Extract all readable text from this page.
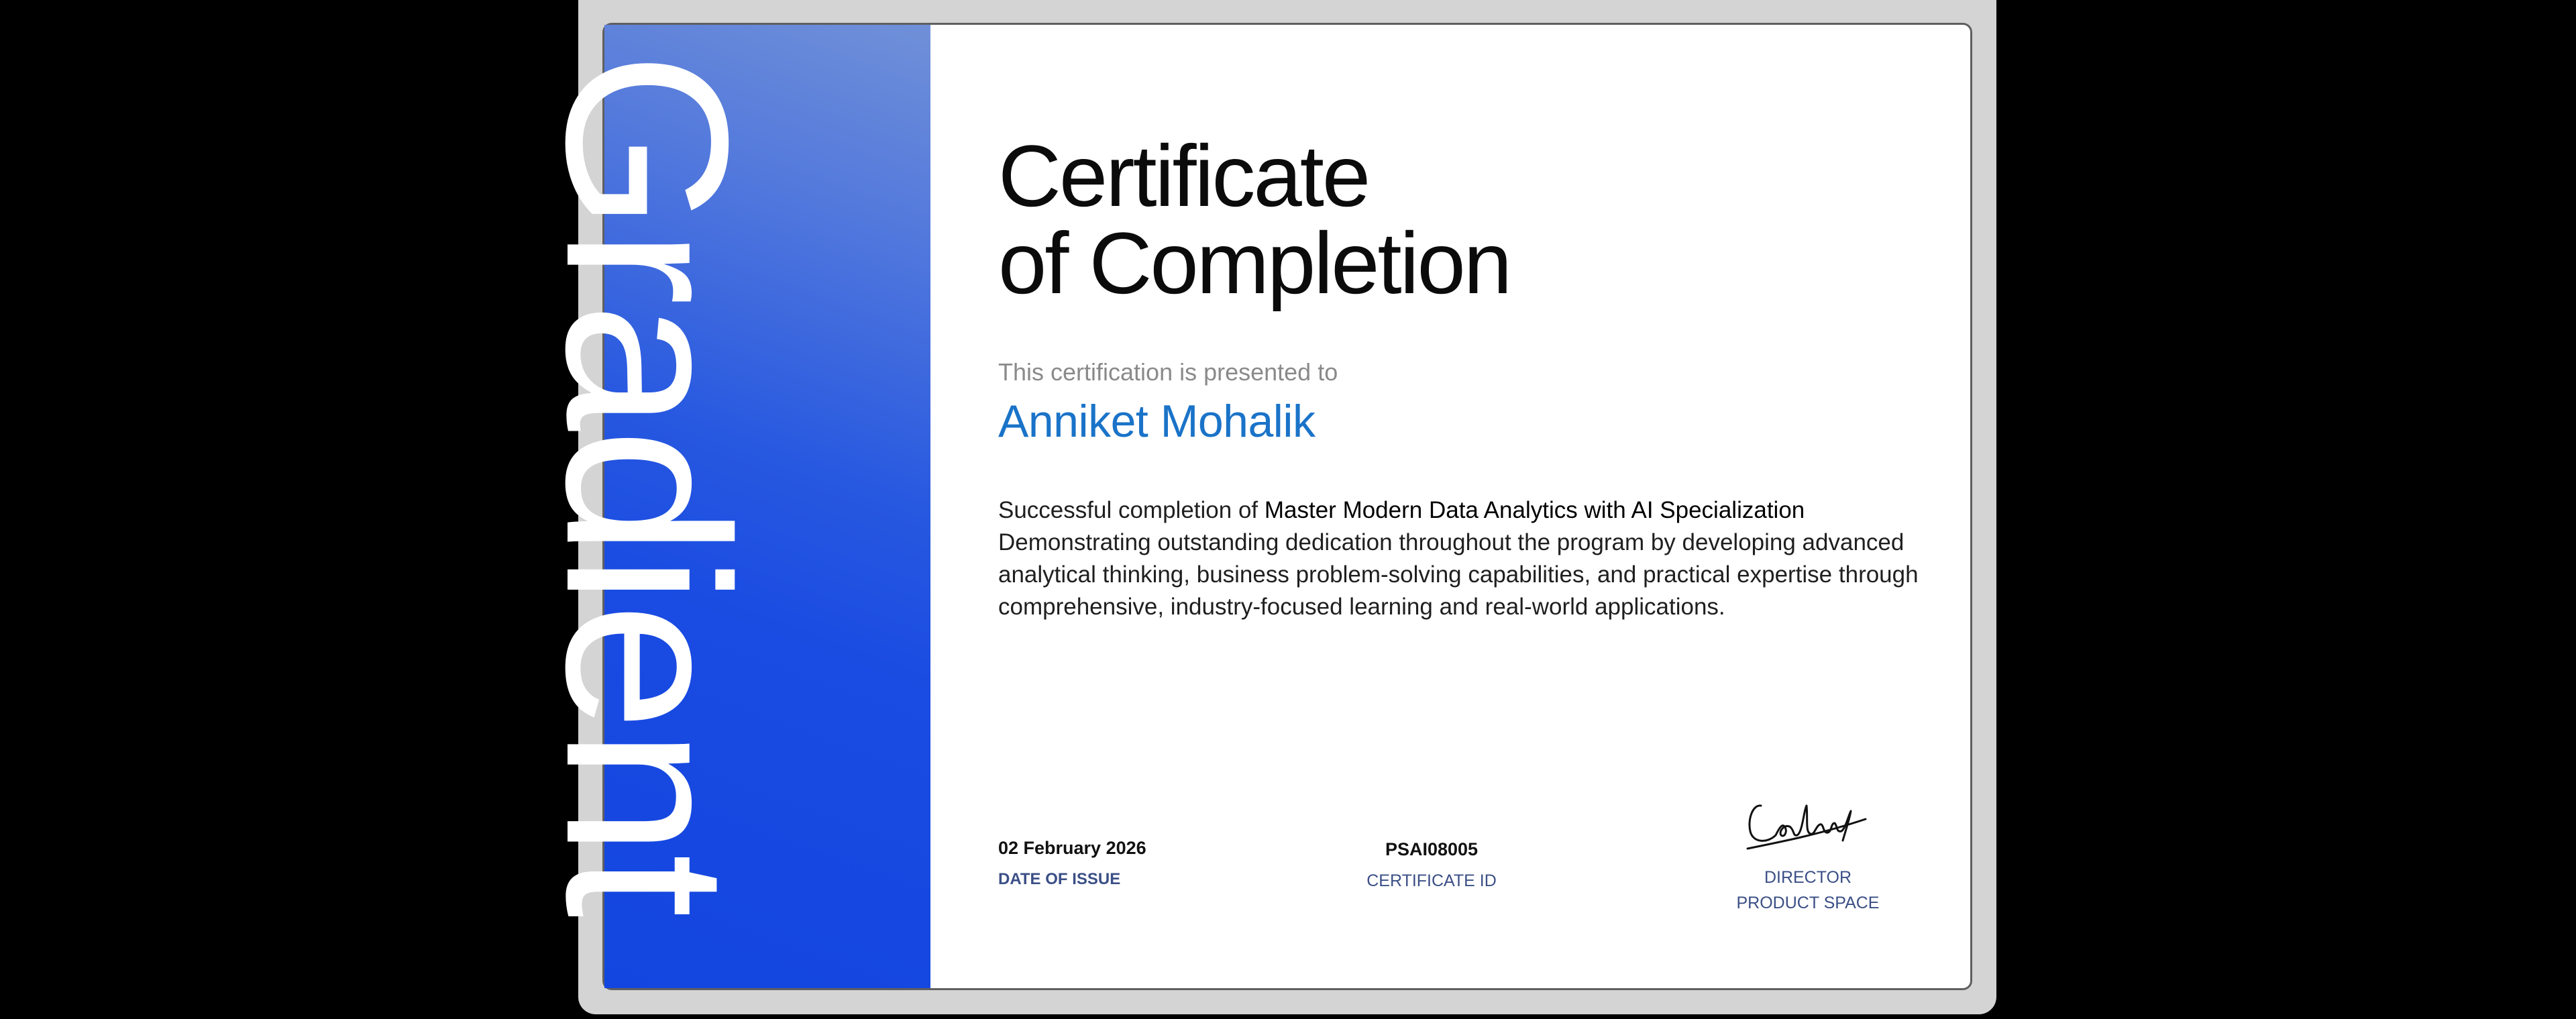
Gradient	Certificate
of Completion
This certification is presented to
Anniket Mohalik
Successful completion of Master Modern Data Analytics with AI Specialization
Demonstrating outstanding dedication throughout the program by developing advanced analytical thinking, business problem-solving capabilities, and practical expertise through comprehensive, industry-focused learning and real-world applications.
02 February 2026
DATE OF ISSUE
PSAI08005
CERTIFICATE ID	DIRECTOR
PRODUCT SPACE
